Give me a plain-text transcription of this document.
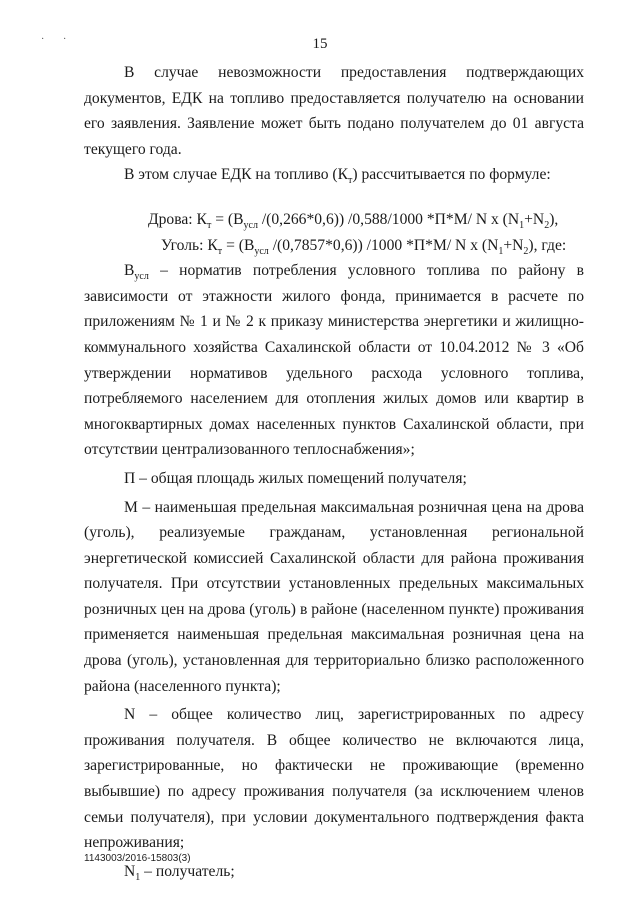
· ·	15

В случае невозможности предоставления подтверждающих документов, ЕДК на топливо предоставляется получателю на основании его заявления. Заявление может быть подано получателем до 01 августа текущего года.

В этом случае ЕДК на топливо $(К_т)$ рассчитывается по формуле:

Дрова: $К_т = (В_{усл}$ /(0,266*0,6)) /0,588/1000 *П*М/ N x $(N_1+N_2)$,

Уголь: $К_т = (В_{усл}$ /(0,7857*0,6)) /1000 *П*М/ N x $(N_1+N_2)$, где:

$В_{усл}$ – норматив потребления условного топлива по району в зависимости от этажности жилого фонда, принимается в расчете по приложениям № 1 и № 2 к приказу министерства энергетики и жилищно-коммунального хозяйства Сахалинской области от 10.04.2012 № 3 «Об утверждении нормативов удельного расхода условного топлива, потребляемого населением для отопления жилых домов или квартир в многоквартирных домах населенных пунктов Сахалинской области, при отсутствии централизованного теплоснабжения»;

П – общая площадь жилых помещений получателя;

М – наименьшая предельная максимальная розничная цена на дрова (уголь), реализуемые гражданам, установленная региональной энергетической комиссией Сахалинской области для района проживания получателя. При отсутствии установленных предельных максимальных розничных цен на дрова (уголь) в районе (населенном пункте) проживания применяется наименьшая предельная максимальная розничная цена на дрова (уголь), установленная для территориально близко расположенного района (населенного пункта);

N – общее количество лиц, зарегистрированных по адресу проживания получателя. В общее количество не включаются лица, зарегистрированные, но фактически не проживающие (временно выбывшие) по адресу проживания получателя (за исключением членов семьи получателя), при условии документального подтверждения факта непроживания;

$N_1$ – получатель;

1143003/2016-15803(3)
